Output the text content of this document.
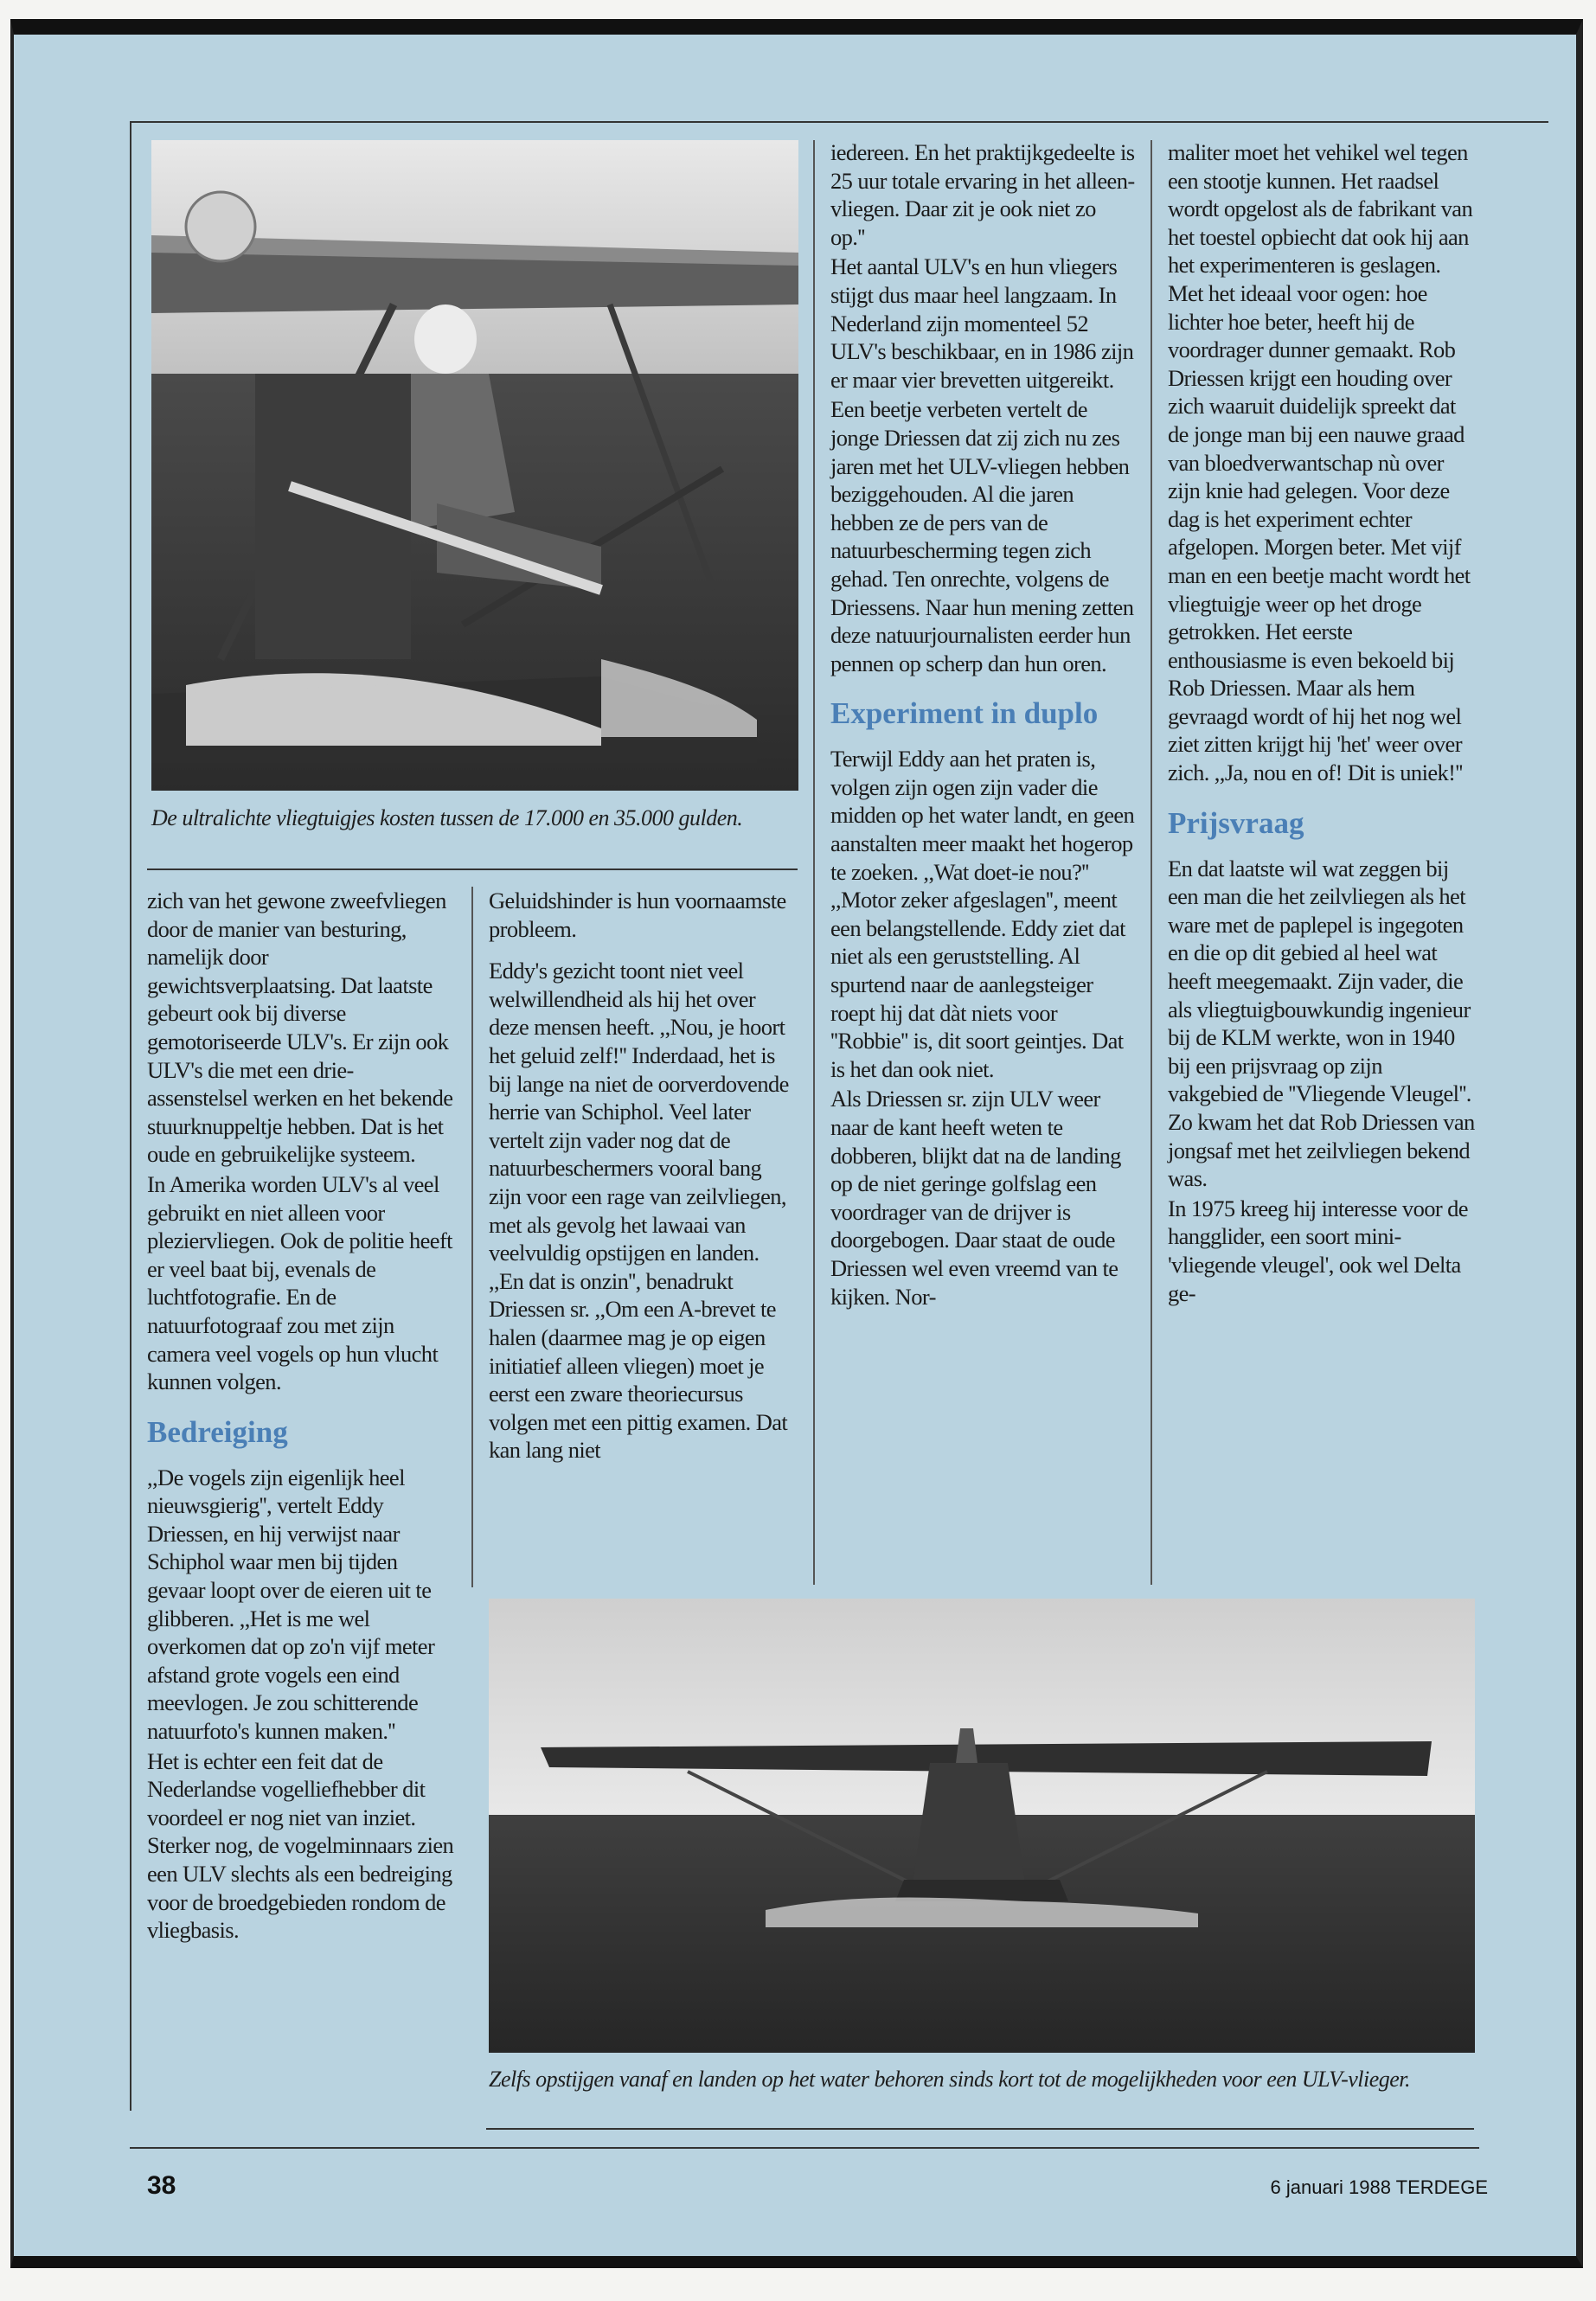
De ultralichte vliegtuigjes kosten tussen de 17.000 en 35.000 gulden.

zich van het gewone zweefvliegen door de manier van besturing, namelijk door gewichtsverplaatsing. Dat laatste gebeurt ook bij diverse gemotoriseerde ULV's. Er zijn ook ULV's die met een drie-assenstelsel werken en het bekende stuurknuppeltje hebben. Dat is het oude en gebruikelijke systeem.

In Amerika worden ULV's al veel gebruikt en niet alleen voor pleziervliegen. Ook de politie heeft er veel baat bij, evenals de luchtfotografie. En de natuurfotograaf zou met zijn camera veel vogels op hun vlucht kunnen volgen.

Bedreiging

,,De vogels zijn eigenlijk heel nieuwsgierig'', vertelt Eddy Driessen, en hij verwijst naar Schiphol waar men bij tijden gevaar loopt over de eieren uit te glibberen. ,,Het is me wel overkomen dat op zo'n vijf meter afstand grote vogels een eind meevlogen. Je zou schitterende natuurfoto's kunnen maken.''

Het is echter een feit dat de Nederlandse vogelliefhebber dit voordeel er nog niet van inziet. Sterker nog, de vogelminnaars zien een ULV slechts als een bedreiging voor de broedgebieden rondom de vliegbasis.

Geluidshinder is hun voornaamste probleem.

Eddy's gezicht toont niet veel welwillendheid als hij het over deze mensen heeft. ,,Nou, je hoort het geluid zelf!'' Inderdaad, het is bij lange na niet de oorverdovende herrie van Schiphol. Veel later vertelt zijn vader nog dat de natuurbeschermers vooral bang zijn voor een rage van zeilvliegen, met als gevolg het lawaai van veelvuldig opstijgen en landen. ,,En dat is onzin'', benadrukt Driessen sr. ,,Om een A-brevet te halen (daarmee mag je op eigen initiatief alleen vliegen) moet je eerst een zware theoriecursus volgen met een pittig examen. Dat kan lang niet

iedereen. En het praktijkgedeelte is 25 uur totale ervaring in het alleen-vliegen. Daar zit je ook niet zo op.''

Het aantal ULV's en hun vliegers stijgt dus maar heel langzaam. In Nederland zijn momenteel 52 ULV's beschikbaar, en in 1986 zijn er maar vier brevetten uitgereikt.

Een beetje verbeten vertelt de jonge Driessen dat zij zich nu zes jaren met het ULV-vliegen hebben beziggehouden. Al die jaren hebben ze de pers van de natuurbescherming tegen zich gehad. Ten onrechte, volgens de Driessens. Naar hun mening zetten deze natuurjournalisten eerder hun pennen op scherp dan hun oren.

Experiment in duplo

Terwijl Eddy aan het praten is, volgen zijn ogen zijn vader die midden op het water landt, en geen aanstalten meer maakt het hogerop te zoeken. ,,Wat doet-ie nou?'' ,,Motor zeker afgeslagen'', meent een belangstellende. Eddy ziet dat niet als een geruststelling. Al spurtend naar de aanlegsteiger roept hij dat dàt niets voor ''Robbie'' is, dit soort geintjes. Dat is het dan ook niet.

Als Driessen sr. zijn ULV weer naar de kant heeft weten te dobberen, blijkt dat na de landing op de niet geringe golfslag een voordrager van de drijver is doorgebogen. Daar staat de oude Driessen wel even vreemd van te kijken. Nor-

maliter moet het vehikel wel tegen een stootje kunnen. Het raadsel wordt opgelost als de fabrikant van het toestel opbiecht dat ook hij aan het experimenteren is geslagen. Met het ideaal voor ogen: hoe lichter hoe beter, heeft hij de voordrager dunner gemaakt. Rob Driessen krijgt een houding over zich waaruit duidelijk spreekt dat de jonge man bij een nauwe graad van bloedverwantschap nù over zijn knie had gelegen. Voor deze dag is het experiment echter afgelopen. Morgen beter. Met vijf man en een beetje macht wordt het vliegtuigje weer op het droge getrokken. Het eerste enthousiasme is even bekoeld bij Rob Driessen. Maar als hem gevraagd wordt of hij het nog wel ziet zitten krijgt hij 'het' weer over zich. ,,Ja, nou en of! Dit is uniek!''

Prijsvraag

En dat laatste wil wat zeggen bij een man die het zeilvliegen als het ware met de paplepel is ingegoten en die op dit gebied al heel wat heeft meegemaakt. Zijn vader, die als vliegtuigbouwkundig ingenieur bij de KLM werkte, won in 1940 bij een prijsvraag op zijn vakgebied de ''Vliegende Vleugel''. Zo kwam het dat Rob Driessen van jongsaf met het zeilvliegen bekend was.

In 1975 kreeg hij interesse voor de hangglider, een soort mini-'vliegende vleugel', ook wel Delta ge-

Zelfs opstijgen vanaf en landen op het water behoren sinds kort tot de mogelijkheden voor een ULV-vlieger.
38	6 januari 1988 TERDEGE
